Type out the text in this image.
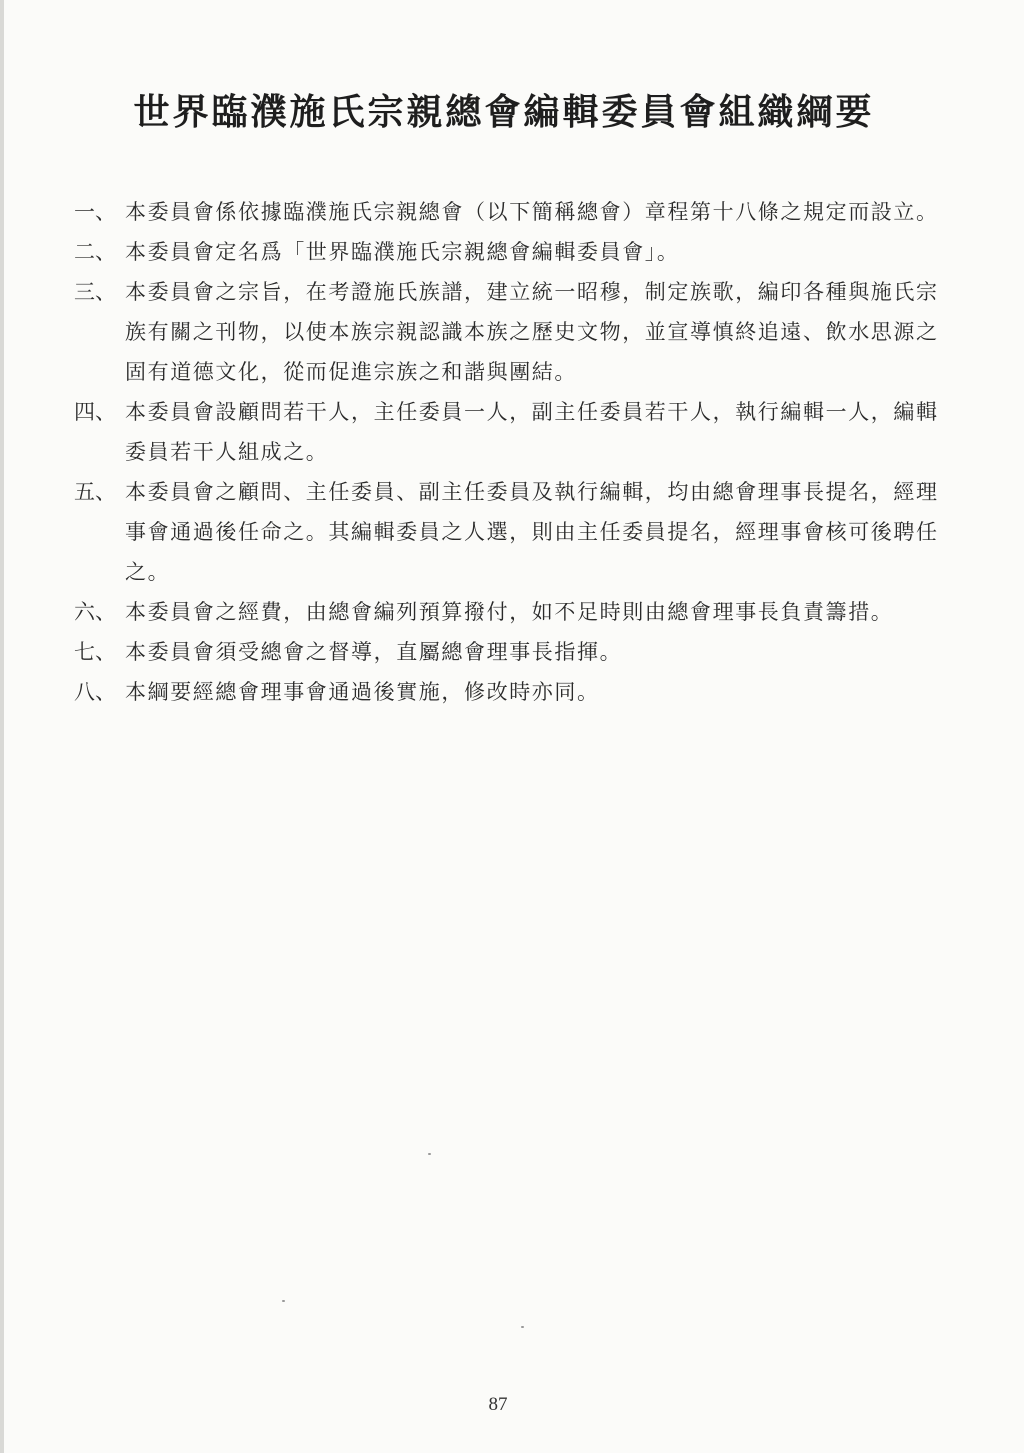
世界臨濮施氏宗親總會編輯委員會組織綱要
一、 本委員會係依據臨濮施氏宗親總會（以下簡稱總會）章程第十八條之規定而設立。
二、 本委員會定名爲「世界臨濮施氏宗親總會編輯委員會」。
三、 本委員會之宗旨，在考證施氏族譜，建立統一昭穆，制定族歌，編印各種與施氏宗族有關之刊物，以使本族宗親認識本族之歷史文物，並宣導慎終追遠、飲水思源之固有道德文化，從而促進宗族之和諧與團結。
四、 本委員會設顧問若干人，主任委員一人，副主任委員若干人，執行編輯一人，編輯委員若干人組成之。
五、 本委員會之顧問、主任委員、副主任委員及執行編輯，均由總會理事長提名，經理事會通過後任命之。其編輯委員之人選，則由主任委員提名，經理事會核可後聘任之。
六、 本委員會之經費，由總會編列預算撥付，如不足時則由總會理事長負責籌措。
七、 本委員會須受總會之督導，直屬總會理事長指揮。
八、 本綱要經總會理事會通過後實施，修改時亦同。
87
